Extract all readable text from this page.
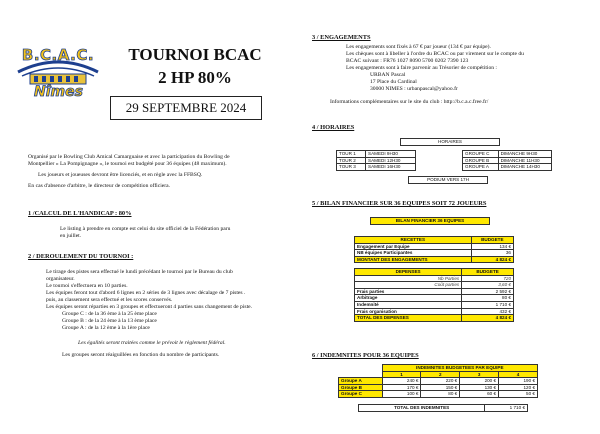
B.C.A.C.
Nîmes
TOURNOI BCAC
2 HP 80%
29 SEPTEMBRE 2024
Organisé par le Bowling Club Amical Camarguaise et avec la participation du Bowling de
Montpellier « La Pompignagne », le tournoi est budgété pour 36 équipes (48 maximum).
Les joueurs et joueuses devront être licenciés, et en règle avec la FFBSQ.
En cas d'absence d'arbitre, le directeur de compétition officiera.
1 /CALCUL DE L'HANDICAP : 80%
Le listing à prendre en compte est celui du site officiel de la Fédération paru
en juillet.
2 / DEROULEMENT DU TOURNOI :
Le tirage des pistes sera effectué le lundi précédant le tournoi par le Bureau du club
organisateur.
Le tournoi s'effectuera en 10 parties.
Les équipes feront tout d'abord 6 lignes en 2 séries de 3 lignes avec décalage de 7 pistes .
puis, au classement sera effectué et les scores conservés.
Les équipes seront réparties en 3 groupes et effectueront 4 parties sans changement de piste.
Groupe C : de la 36 ème à la 25 ème place
Groupe B : de la 24 ème à la 13 ème place
Groupe A : de la 12 ème à la 1ère place
Les égalités seront traitées comme le prévoit le règlement fédéral.
Les groupes seront réaiguillées en fonction du nombre de participants.
3 / ENGAGEMENTS
Les engagements sont fixés à 67 € par joueur (134 € par équipe).
Les chèques sont à libeller à l'ordre du BCAC ou par virement sur le compte du
BCAC suivant : FR76 1027 8090 5700 0202 7390 123
Les engagements sont à faire parvenir au Trésorier de compétition :
URBAN Pascal
17 Place du Cardinal
30000 NIMES : urbanpascal@yahoo.fr
Informations complémentaires sur le site du club : http://b.c.a.c.free.fr/
4 / HORAIRES
HORAIRES
TOUR 1	SAMEDI 9H30
TOUR 2	SAMEDI 12H30
TOUR 3	SAMEDI 16H30
GROUPE C	DIMANCHE 9H30
GROUPE B	DIMANCHE 11H30
GROUPE A	DIMANCHE 14H30
PODIUM VERS 17H
5 / BILAN FINANCIER SUR 36 EQUIPES SOIT 72 JOUEURS
BILAN FINANCIER 36 EQUIPES
RECETTES	BUDGETE
Engagement par Equipe	134 €
NB équipes Participantes	36
MONTANT DES ENGAGEMENTS	4 824 €
DEPENSES	BUDGETE
Nb Parties	720
Coût parties	3,60 €
Frais parties	2 592 €
Arbitrage	80 €
Indemnité	1 710 €
Frais organisation	432 €
TOTAL DES DEPENSES	4 824 €
6 / INDEMNITES POUR 36 EQUIPES
	INDEMNITES BUDGETEES PAR EQUIPE			
	1	2	3	4
Groupe A	240 €	220 €	200 €	190 €
Groupe B	170 €	150 €	130 €	120 €
Groupe C	100 €	80 €	60 €	50 €
TOTAL DES INDEMNITES	1 710 €
